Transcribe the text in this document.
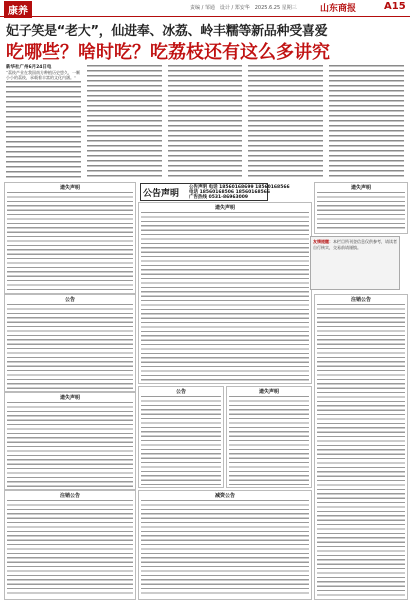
康养	责编 / 邹通　设计 / 郑安华　2025.6.25 星期三	山东商报	A15
妃子笑是“老大”，仙进奉、冰荔、岭丰糯等新品种受喜爱
吃哪些？啥时吃？吃荔枝还有这么多讲究

新华社广州6月24日电

“荔枝产业在我国南方种植历史悠久，一颗小小的荔枝，承载着丰富的文化内涵。”

公告声明
公告声明 电话 18560168699 18560168566
电话 18560168506 18560168566
广告热线 0531-86963009
遗失声明
公告
遗失声明
注销公告
遗失声明
公告	遗失声明
减资公告
遗失声明
注销公告
友情提醒：本栏目所刊登信息仅供参考，请读者自行核实，交易前请谨慎。
